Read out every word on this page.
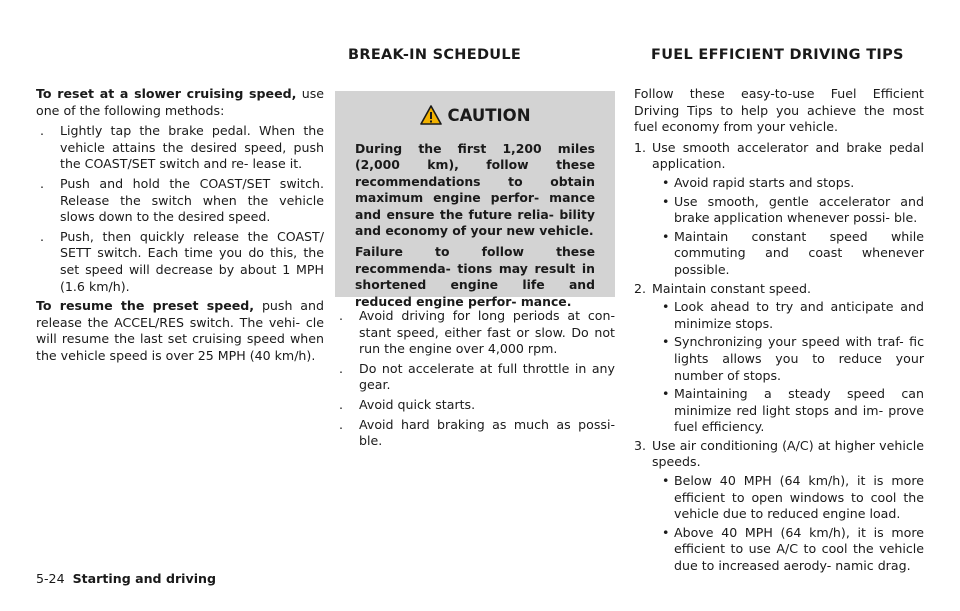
To reset at a slower cruising speed, use one of the following methods:

. Lightly tap the brake pedal. When the vehicle attains the desired speed, push the COAST/SET switch and re- lease it.
. Push and hold the COAST/SET switch. Release the switch when the vehicle slows down to the desired speed.
. Push, then quickly release the COAST/ SETT switch. Each time you do this, the set speed will decrease by about 1 MPH (1.6 km/h).

To resume the preset speed, push and release the ACCEL/RES switch. The vehi- cle will resume the last set cruising speed when the vehicle speed is over 25 MPH (40 km/h).

BREAK-IN SCHEDULE	FUEL EFFICIENT DRIVING TIPS
CAUTION

During the first 1,200 miles (2,000 km), follow these recommendations to obtain maximum engine perfor- mance and ensure the future relia- bility and economy of your new vehicle.

Failure to follow these recommenda- tions may result in shortened engine life and reduced engine perfor- mance.

. Avoid driving for long periods at con- stant speed, either fast or slow. Do not run the engine over 4,000 rpm.
. Do not accelerate at full throttle in any gear.
. Avoid quick starts.
. Avoid hard braking as much as possi- ble.

Follow these easy-to-use Fuel Efficient Driving Tips to help you achieve the most fuel economy from your vehicle.

1. Use smooth accelerator and brake pedal application.
• Avoid rapid starts and stops.
• Use smooth, gentle accelerator and brake application whenever possi- ble.
• Maintain constant speed while commuting and coast whenever possible.
2. Maintain constant speed.
• Look ahead to try and anticipate and minimize stops.
• Synchronizing your speed with traf- fic lights allows you to reduce your number of stops.
• Maintaining a steady speed can minimize red light stops and im- prove fuel efficiency.
3. Use air conditioning (A/C) at higher vehicle speeds.
• Below 40 MPH (64 km/h), it is more efficient to open windows to cool the vehicle due to reduced engine load.
• Above 40 MPH (64 km/h), it is more efficient to use A/C to cool the vehicle due to increased aerody- namic drag.
5-24 Starting and driving
